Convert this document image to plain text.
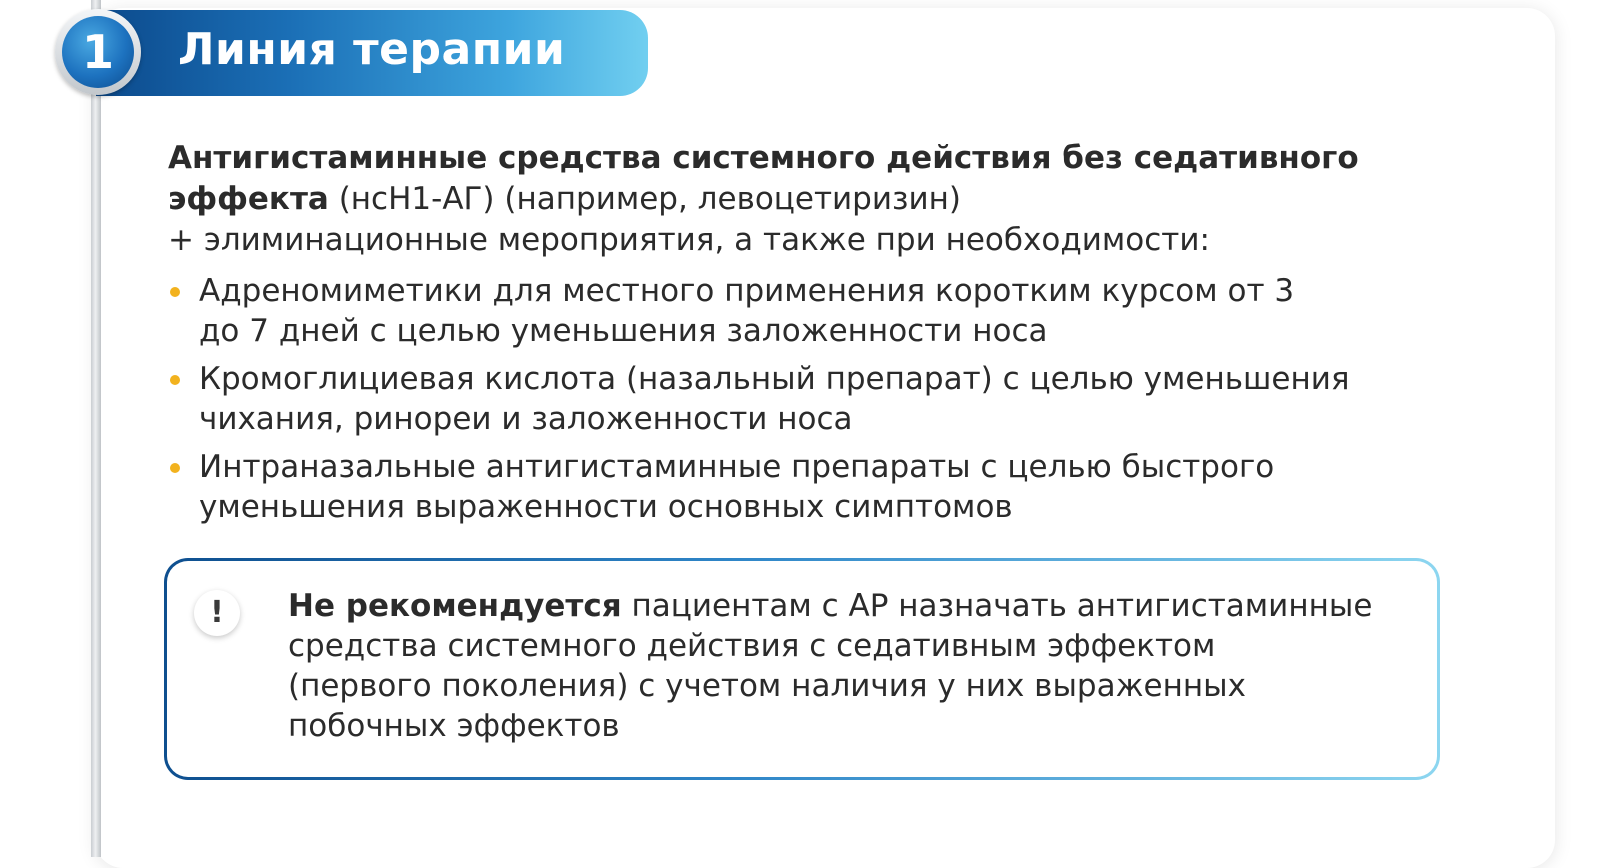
Линия терапии
1

Антигистаминные средства системного действия без седативного
эффекта (нсН1-АГ) (например, левоцетиризин)
+ элиминационные мероприятия, а также при необходимости:

Адреномиметики для местного применения коротким курсом от 3
до 7 дней с целью уменьшения заложенности носа
Кромоглициевая кислота (назальный препарат) с целью уменьшения
чихания, ринореи и заложенности носа
Интраназальные антигистаминные препараты с целью быстрого
уменьшения выраженности основных симптомов
!	Не рекомендуется пациентам с АР назначать антигистаминные
средства системного действия с седативным эффектом
(первого поколения) с учетом наличия у них выраженных
побочных эффектов
